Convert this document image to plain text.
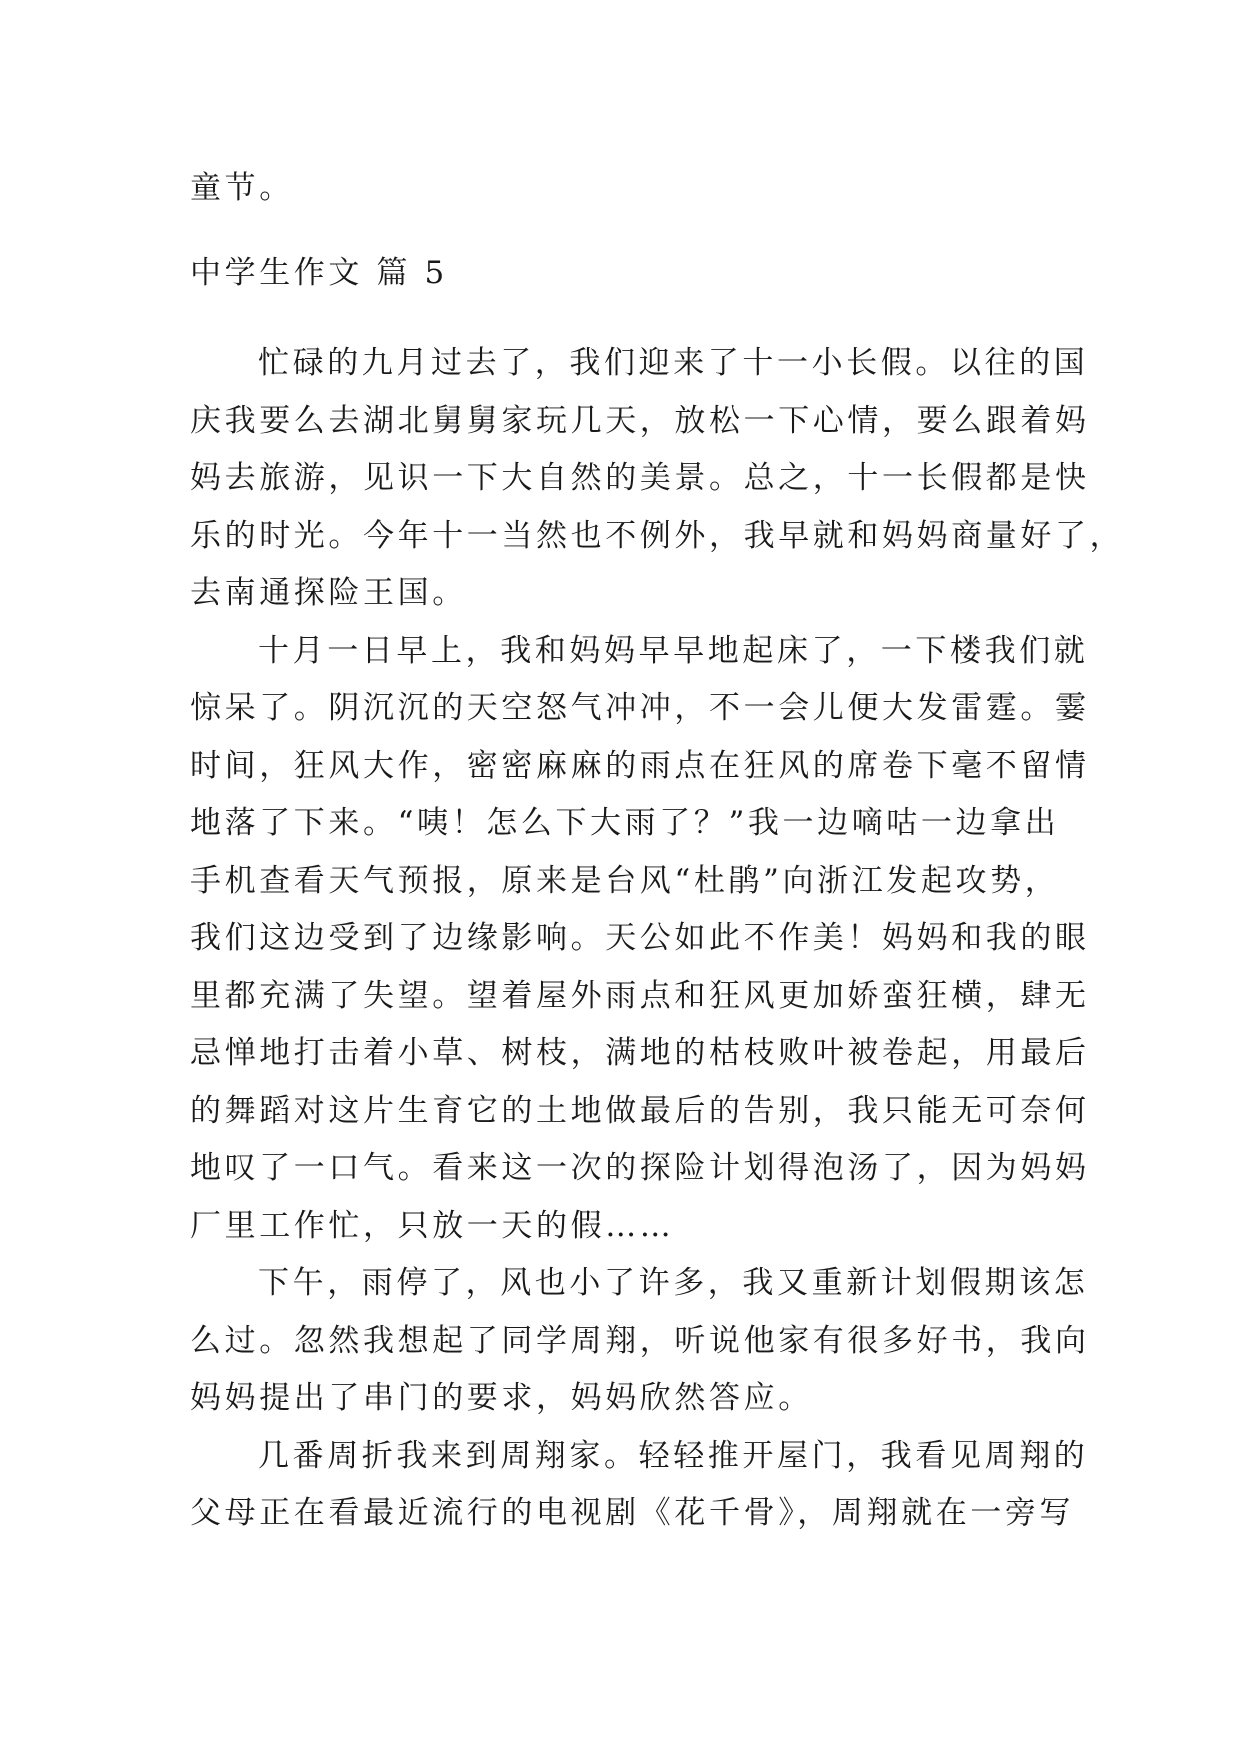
童节。
中学生作文 篇 5
忙碌的九月过去了，我们迎来了十一小长假。以往的国
庆我要么去湖北舅舅家玩几天，放松一下心情，要么跟着妈
妈去旅游，见识一下大自然的美景。总之，十一长假都是快
乐的时光。今年十一当然也不例外，我早就和妈妈商量好了，
去南通探险王国。
十月一日早上，我和妈妈早早地起床了，一下楼我们就
惊呆了。阴沉沉的天空怒气冲冲，不一会儿便大发雷霆。霎
时间，狂风大作，密密麻麻的雨点在狂风的席卷下毫不留情
地落了下来。“咦！怎么下大雨了？”我一边嘀咕一边拿出
手机查看天气预报，原来是台风“杜鹃”向浙江发起攻势，
我们这边受到了边缘影响。天公如此不作美！妈妈和我的眼
里都充满了失望。望着屋外雨点和狂风更加娇蛮狂横，肆无
忌惮地打击着小草、树枝，满地的枯枝败叶被卷起，用最后
的舞蹈对这片生育它的土地做最后的告别，我只能无可奈何
地叹了一口气。看来这一次的探险计划得泡汤了，因为妈妈
厂里工作忙，只放一天的假……
下午，雨停了，风也小了许多，我又重新计划假期该怎
么过。忽然我想起了同学周翔，听说他家有很多好书，我向
妈妈提出了串门的要求，妈妈欣然答应。
几番周折我来到周翔家。轻轻推开屋门，我看见周翔的
父母正在看最近流行的电视剧《花千骨》，周翔就在一旁写
